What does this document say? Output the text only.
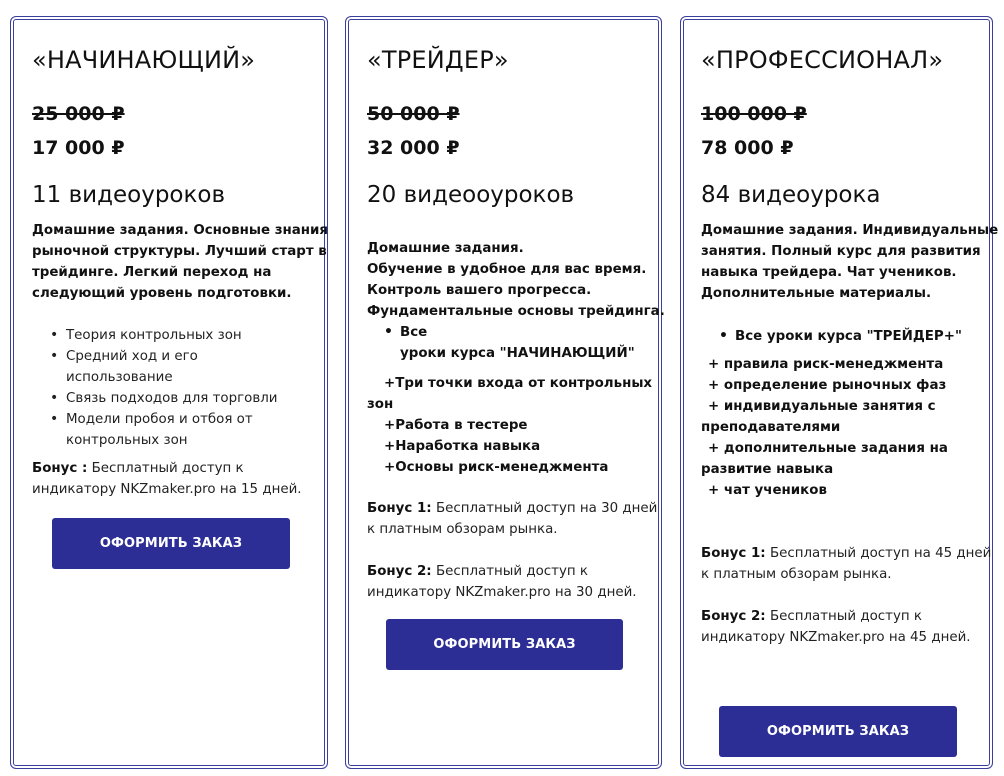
«НАЧИНАЮЩИЙ»
25 000 ₽
17 000 ₽
11 видеоуроков
Домашние задания. Основные знания
рыночной структуры. Лучший старт в
трейдинге. Легкий переход на
следующий уровень подготовки.
• Теория контрольных зон
• Средний ход и его
использование
• Связь подходов для торговли
• Модели пробоя и отбоя от
контрольных зон
Бонус : Бесплатный доступ к
индикатору NKZmaker.pro на 15 дней.
ОФОРМИТЬ ЗАКАЗ
«ТРЕЙДЕР»
50 000 ₽
32 000 ₽
20 видеооуроков
Домашние задания.
Обучение в удобное для вас время.
Контроль вашего прогресса.
Фундаментальные основы трейдинга.
• Все
уроки курса "НАЧИНАЮЩИЙ"
+Три точки входа от контрольных
зон
+Работа в тестере
+Наработка навыка
+Основы риск-менеджмента
Бонус 1: Бесплатный доступ на 30 дней
к платным обзорам рынка.
Бонус 2: Бесплатный доступ к
индикатору NKZmaker.pro на 30 дней.
ОФОРМИТЬ ЗАКАЗ
«ПРОФЕССИОНАЛ»
100 000 ₽
78 000 ₽
84 видеоурока
Домашние задания. Индивидуальные
занятия. Полный курс для развития
навыка трейдера. Чат учеников.
Дополнительные материалы.
• Все уроки курса "ТРЕЙДЕР+"
+ правила риск-менеджмента
+ определение рыночных фаз
+ индивидуальные занятия с
преподавателями
+ дополнительные задания на
развитие навыка
+ чат учеников
Бонус 1: Бесплатный доступ на 45 дней
к платным обзорам рынка.
Бонус 2: Бесплатный доступ к
индикатору NKZmaker.pro на 45 дней.
ОФОРМИТЬ ЗАКАЗ
